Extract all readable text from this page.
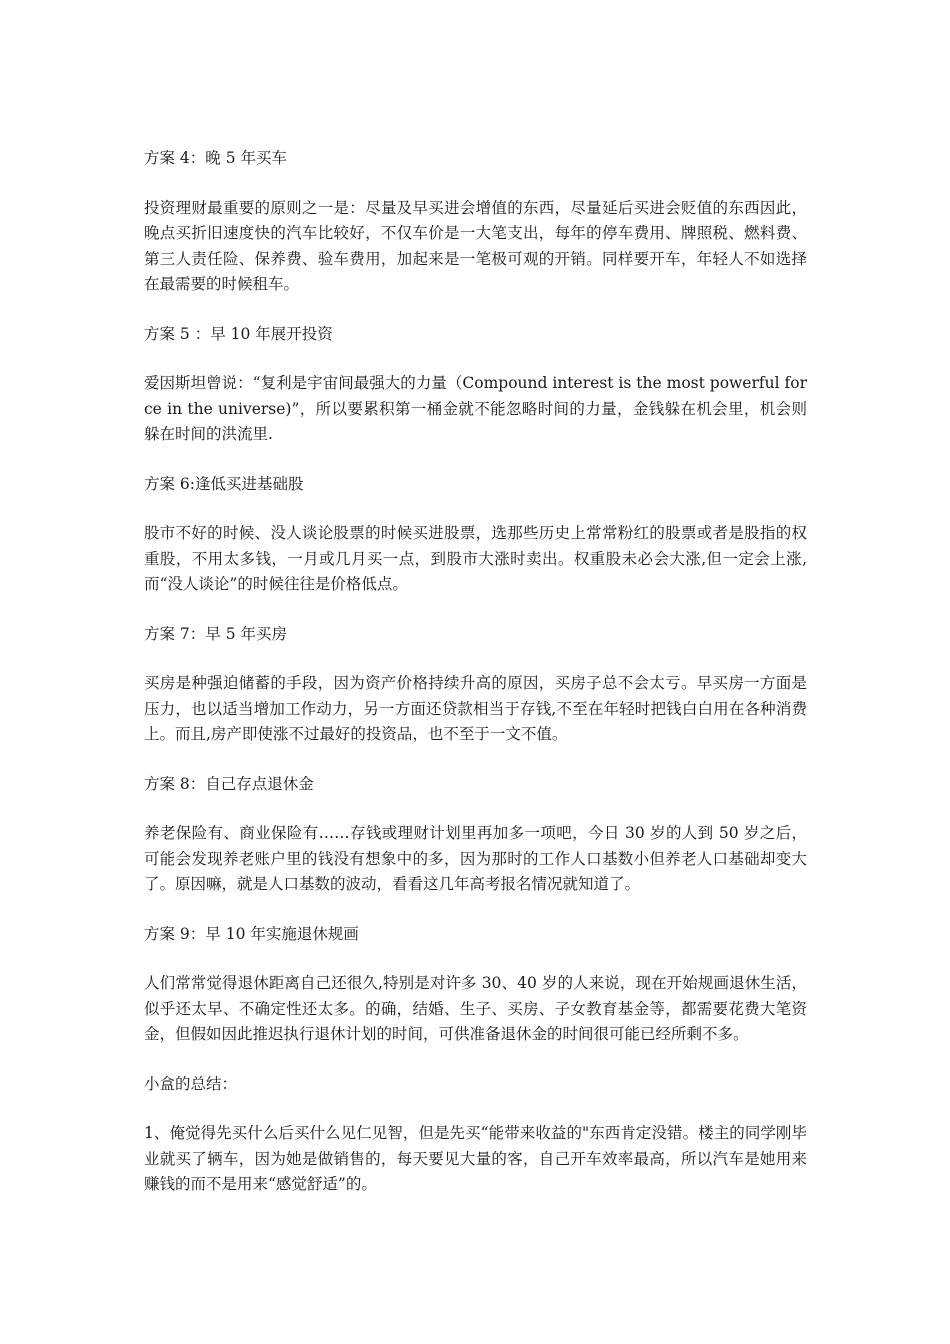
方案 4：晚 5 年买车

投资理财最重要的原则之一是：尽量及早买进会增值的东西，尽量延后买进会贬值的东西因此，晚点买折旧速度快的汽车比较好，不仅车价是一大笔支出，每年的停车费用、牌照税、燃料费、第三人责任险、保养费、验车费用，加起来是一笔极可观的开销。同样要开车，年轻人不如选择在最需要的时候租车。

方案 5 ：早 10 年展开投资

爱因斯坦曾说：“复利是宇宙间最强大的力量（Compound interest is the most powerful force in the universe)”，所以要累积第一桶金就不能忽略时间的力量，金钱躲在机会里，机会则躲在时间的洪流里.

方案 6:逢低买进基础股

股市不好的时候、没人谈论股票的时候买进股票，选那些历史上常常粉红的股票或者是股指的权重股，不用太多钱，一月或几月买一点，到股市大涨时卖出。权重股未必会大涨,但一定会上涨,而“没人谈论”的时候往往是价格低点。

方案 7：早 5 年买房

买房是种强迫储蓄的手段，因为资产价格持续升高的原因，买房子总不会太亏。早买房一方面是压力，也以适当增加工作动力，另一方面还贷款相当于存钱,不至在年轻时把钱白白用在各种消费上。而且,房产即使涨不过最好的投资品，也不至于一文不值。

方案 8：自己存点退休金

养老保险有、商业保险有……存钱或理财计划里再加多一项吧，今日 30 岁的人到 50 岁之后，可能会发现养老账户里的钱没有想象中的多，因为那时的工作人口基数小但养老人口基础却变大了。原因嘛，就是人口基数的波动，看看这几年高考报名情况就知道了。

方案 9：早 10 年实施退休规画

人们常常觉得退休距离自己还很久,特别是对许多 30、40 岁的人来说，现在开始规画退休生活，似乎还太早、不确定性还太多。的确，结婚、生子、买房、子女教育基金等，都需要花费大笔资金，但假如因此推迟执行退休计划的时间，可供准备退休金的时间很可能已经所剩不多。

小盒的总结：

1、俺觉得先买什么后买什么见仁见智，但是先买“能带来收益的"东西肯定没错。楼主的同学刚毕业就买了辆车，因为她是做销售的，每天要见大量的客，自己开车效率最高，所以汽车是她用来赚钱的而不是用来“感觉舒适”的。
